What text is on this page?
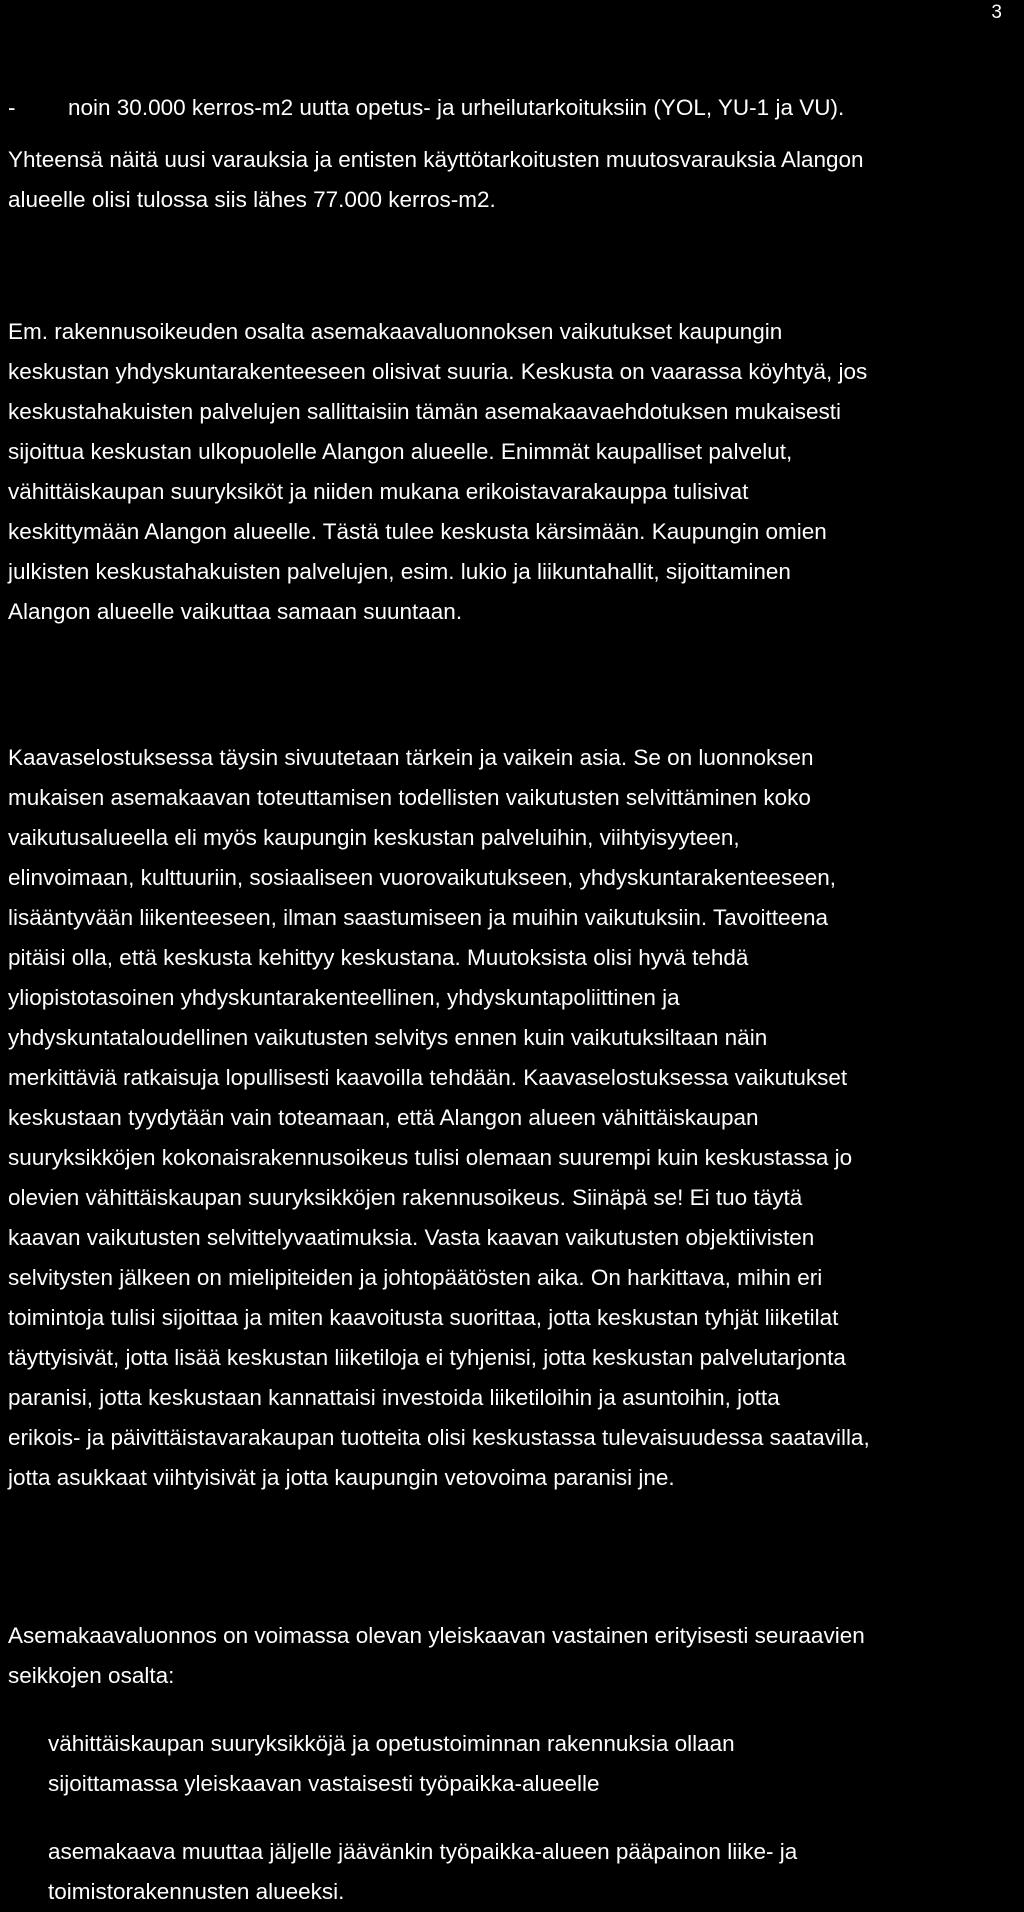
3
-	noin 30.000 kerros-m2 uutta opetus- ja urheilutarkoituksiin (YOL, YU-1 ja VU).

Yhteensä näitä uusi varauksia ja entisten käyttötarkoitusten muutosvarauksia Alangon
alueelle olisi tulossa siis lähes 77.000 kerros-m2.

Em. rakennusoikeuden osalta asemakaavaluonnoksen vaikutukset kaupungin
keskustan yhdyskuntarakenteeseen olisivat suuria. Keskusta on vaarassa köyhtyä, jos
keskustahakuisten palvelujen sallittaisiin tämän asemakaavaehdotuksen mukaisesti
sijoittua keskustan ulkopuolelle Alangon alueelle. Enimmät kaupalliset palvelut,
vähittäiskaupan suuryksiköt ja niiden mukana erikoistavarakauppa tulisivat
keskittymään Alangon alueelle. Tästä tulee keskusta kärsimään. Kaupungin omien
julkisten keskustahakuisten palvelujen, esim. lukio ja liikuntahallit, sijoittaminen
Alangon alueelle vaikuttaa samaan suuntaan.

Kaavaselostuksessa täysin sivuutetaan tärkein ja vaikein asia. Se on luonnoksen
mukaisen asemakaavan toteuttamisen todellisten vaikutusten selvittäminen koko
vaikutusalueella eli myös kaupungin keskustan palveluihin, viihtyisyyteen,
elinvoimaan, kulttuuriin, sosiaaliseen vuorovaikutukseen, yhdyskuntarakenteeseen,
lisääntyvään liikenteeseen, ilman saastumiseen ja muihin vaikutuksiin. Tavoitteena
pitäisi olla, että keskusta kehittyy keskustana. Muutoksista olisi hyvä tehdä
yliopistotasoinen yhdyskuntarakenteellinen, yhdyskuntapoliittinen ja
yhdyskuntataloudellinen vaikutusten selvitys ennen kuin vaikutuksiltaan näin
merkittäviä ratkaisuja lopullisesti kaavoilla tehdään. Kaavaselostuksessa vaikutukset
keskustaan tyydytään vain toteamaan, että Alangon alueen vähittäiskaupan
suuryksikköjen kokonaisrakennusoikeus tulisi olemaan suurempi kuin keskustassa jo
olevien vähittäiskaupan suuryksikköjen rakennusoikeus. Siinäpä se! Ei tuo täytä
kaavan vaikutusten selvittelyvaatimuksia. Vasta kaavan vaikutusten objektiivisten
selvitysten jälkeen on mielipiteiden ja johtopäätösten aika. On harkittava, mihin eri
toimintoja tulisi sijoittaa ja miten kaavoitusta suorittaa, jotta keskustan tyhjät liiketilat
täyttyisivät, jotta lisää keskustan liiketiloja ei tyhjenisi, jotta keskustan palvelutarjonta
paranisi, jotta keskustaan kannattaisi investoida liiketiloihin ja asuntoihin, jotta
erikois- ja päivittäistavarakaupan tuotteita olisi keskustassa tulevaisuudessa saatavilla,
jotta asukkaat viihtyisivät ja jotta kaupungin vetovoima paranisi jne.

Asemakaavaluonnos on voimassa olevan yleiskaavan vastainen erityisesti seuraavien
seikkojen osalta:

vähittäiskaupan suuryksikköjä ja opetustoiminnan rakennuksia ollaan
sijoittamassa yleiskaavan vastaisesti työpaikka-alueelle
asemakaava muuttaa jäljelle jäävänkin työpaikka-alueen pääpainon liike- ja
toimistorakennusten alueeksi.
